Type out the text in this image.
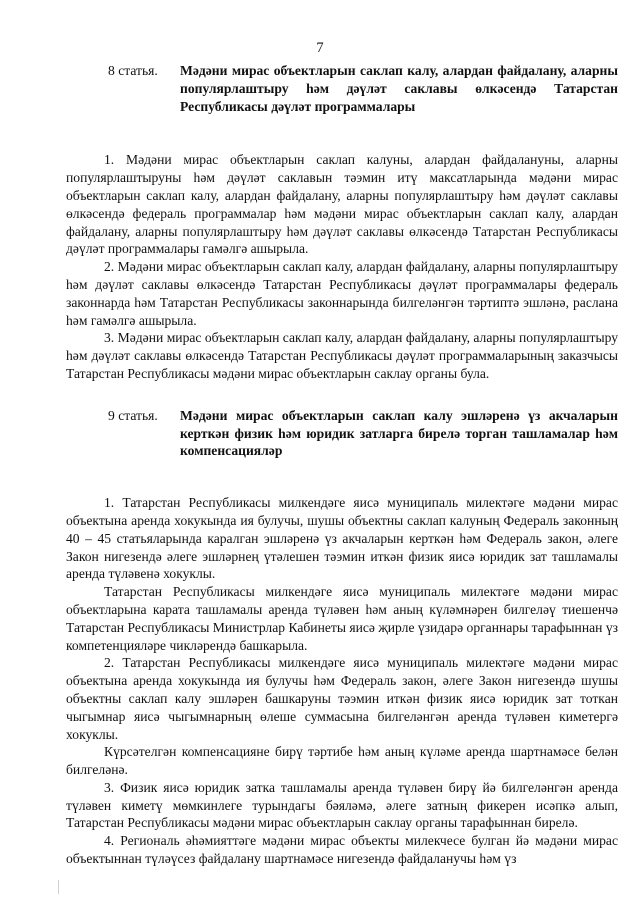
7
8 статья.	Мәдәни мирас объектларын саклап калу, алардан файдалану, аларны популярлаштыру һәм дәүләт саклавы өлкәсендә Татарстан Республикасы дәүләт программалары

1. Мәдәни мирас объектларын саклап калуны, алардан файдалануны, аларны популярлаштыруны һәм дәүләт саклавын тәэмин итү максатларында мәдәни мирас объектларын саклап калу, алардан файдалану, аларны популярлаштыру һәм дәүләт саклавы өлкәсендә федераль программалар һәм мәдәни мирас объектларын саклап калу, алардан файдалану, аларны популярлаштыру һәм дәүләт саклавы өлкәсендә Татарстан Республикасы дәүләт программалары гамәлгә ашырыла.

2. Мәдәни мирас объектларын саклап калу, алардан файдалану, аларны популярлаштыру һәм дәүләт саклавы өлкәсендә Татарстан Республикасы дәүләт программалары федераль законнарда һәм Татарстан Республикасы законнарында билгеләнгән тәртиптә эшләнә, раслана һәм гамәлгә ашырыла.

3. Мәдәни мирас объектларын саклап калу, алардан файдалану, аларны популярлаштыру һәм дәүләт саклавы өлкәсендә Татарстан Республикасы дәүләт программаларының заказчысы Татарстан Республикасы мәдәни мирас объектларын саклау органы була.

9 статья.	Мәдәни мирас объектларын саклап калу эшләренә үз акчаларын керткән физик һәм юридик затларга бирелә торган ташламалар һәм компенсацияләр

1. Татарстан Республикасы милкендәге яисә муниципаль милектәге мәдәни мирас объектына аренда хокукында ия булучы, шушы объектны саклап калуның Федераль законның 40 – 45 статьяларында каралган эшләренә үз акчаларын керткән һәм Федераль закон, әлеге Закон нигезендә әлеге эшләрнең үтәлешен тәэмин иткән физик яисә юридик зат ташламалы аренда түләвенә хокуклы.

Татарстан Республикасы милкендәге яисә муниципаль милектәге мәдәни мирас объектларына карата ташламалы аренда түләвен һәм аның күләмнәрен билгеләү тиешенчә Татарстан Республикасы Министрлар Кабинеты яисә җирле үзидарә органнары тарафыннан үз компетенцияләре чикләрендә башкарыла.

2. Татарстан Республикасы милкендәге яисә муниципаль милектәге мәдәни мирас объектына аренда хокукында ия булучы һәм Федераль закон, әлеге Закон нигезендә шушы объектны саклап калу эшләрен башкаруны тәэмин иткән физик яисә юридик зат тоткан чыгымнар яисә чыгымнарның өлеше суммасына билгеләнгән аренда түләвен киметергә хокуклы.

Күрсәтелгән компенсацияне бирү тәртибе һәм аның күләме аренда шартнамәсе белән билгеләнә.

3. Физик яисә юридик затка ташламалы аренда түләвен бирү йә билгеләнгән аренда түләвен киметү мөмкинлеге турындагы бәяләмә, әлеге затның фикерен исәпкә алып, Татарстан Республикасы мәдәни мирас объектларын саклау органы тарафыннан бирелә.

4. Региональ әһәмияттәге мәдәни мирас объекты милекчесе булган йә мәдәни мирас объектыннан түләүсез файдалану шартнамәсе нигезендә файдаланучы һәм үз
